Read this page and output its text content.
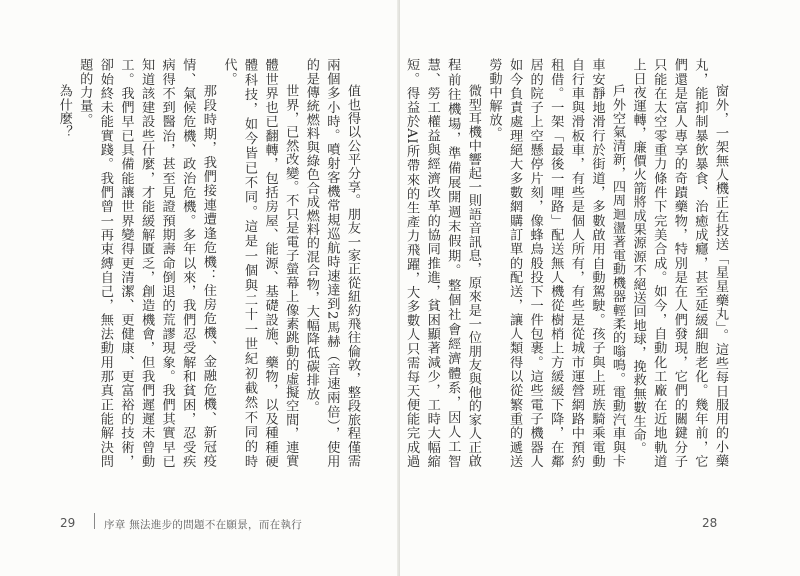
值也得以公平分享。朋友一家正從紐約飛往倫敦，整段旅程僅需兩個多小時。噴射客機常規巡航時速達到2馬赫（音速兩倍），使用的是傳統燃料與綠色合成燃料的混合物，大幅降低碳排放。

世界，已然改變。不只是電子螢幕上像素跳動的虛擬空間，連實體世界也已翻轉，包括房屋、能源、基礎設施、藥物，以及種種硬體科技，如今皆已不同。這是一個與二十一世紀初截然不同的時代。

那段時期，我們接連遭逢危機：住房危機、金融危機、新冠疫情、氣候危機、政治危機。多年以來，我們忍受解和貧困，忍受疾病得不到醫治，甚至見證預期壽命倒退的荒謬現象。我們其實早已知道該建設些什麼，才能緩解匱乏，創造機會，但我們遲遲未曾動工。我們早已具備能讓世界變得更清潔、更健康、更富裕的技術，卻始終未能實踐。我們曾一再束縛自己，無法動用那真正能解決問題的力量。

為什麼？

29	序章 無法進步的問題不在願景，而在執行

窗外，一架無人機正在投送「星星藥丸」。這些每日服用的小藥丸，能抑制暴飲暴食、治癒成癮，甚至延緩細胞老化。幾年前，它們還是富人專享的奇蹟藥物，特別是在人們發現，它們的關鍵分子只能在太空零重力條件下完美合成。如今，自動化工廠在近地軌道上日夜運轉，廉價火箭將成果源源不絕送回地球，挽救無數生命。

戶外空氣清新，四周迴盪著電動機器輕柔的嗡鳴。電動汽車與卡車安靜地滑行於街道，多數啟用自動駕駛。孩子與上班族騎乘電動自行車與滑板車，有些是個人所有，有些是從城市運營網路中預約租借。一架「最後一哩路」配送無人機從樹梢上方緩緩下降，在鄰居的院子上空懸停片刻，像蜂鳥般投下一件包裹。這些電子機器人如今負責處理絕大多數網購訂單的配送，讓人類得以從繁重的遞送勞動中解放。

微型耳機中響起一則語音訊息，原來是一位朋友與他的家人正啟程前往機場，準備展開週末假期。整個社會經濟體系，因人工智慧、勞工權益與經濟改革的協同推進，貧困顯著減少，工時大幅縮短。得益於AI所帶來的生產力飛躍，大多數人只需每天便能完成過

28
